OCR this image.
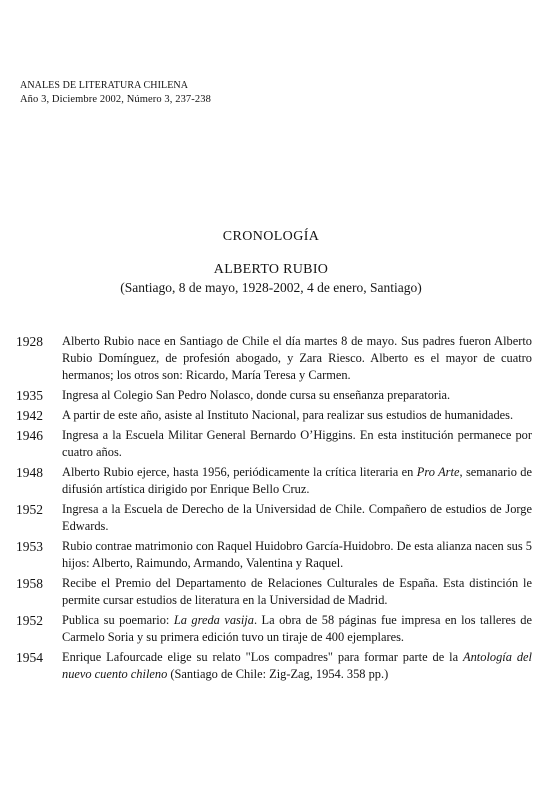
ANALES DE LITERATURA CHILENA
Año 3, Diciembre 2002, Número 3, 237-238
CRONOLOGÍA
ALBERTO RUBIO
(Santiago, 8 de mayo, 1928-2002, 4 de enero, Santiago)
1928	Alberto Rubio nace en Santiago de Chile el día martes 8 de mayo. Sus padres fueron Alberto Rubio Domínguez, de profesión abogado, y Zara Riesco. Alberto es el mayor de cuatro hermanos; los otros son: Ricardo, María Teresa y Carmen.
1935	Ingresa al Colegio San Pedro Nolasco, donde cursa su enseñanza preparatoria.
1942	A partir de este año, asiste al Instituto Nacional, para realizar sus estudios de humanidades.
1946	Ingresa a la Escuela Militar General Bernardo O’Higgins. En esta institución permanece por cuatro años.
1948	Alberto Rubio ejerce, hasta 1956, periódicamente la crítica literaria en Pro Arte, semanario de difusión artística dirigido por Enrique Bello Cruz.
1952	Ingresa a la Escuela de Derecho de la Universidad de Chile. Compañero de estudios de Jorge Edwards.
1953	Rubio contrae matrimonio con Raquel Huidobro García-Huidobro. De esta alianza nacen sus 5 hijos: Alberto, Raimundo, Armando, Valentina y Raquel.
1958	Recibe el Premio del Departamento de Relaciones Culturales de España. Esta distinción le permite cursar estudios de literatura en la Universidad de Madrid.
1952	Publica su poemario: La greda vasija. La obra de 58 páginas fue impresa en los talleres de Carmelo Soria y su primera edición tuvo un tiraje de 400 ejemplares.
1954	Enrique Lafourcade elige su relato "Los compadres" para formar parte de la Antología del nuevo cuento chileno (Santiago de Chile: Zig-Zag, 1954. 358 pp.)
